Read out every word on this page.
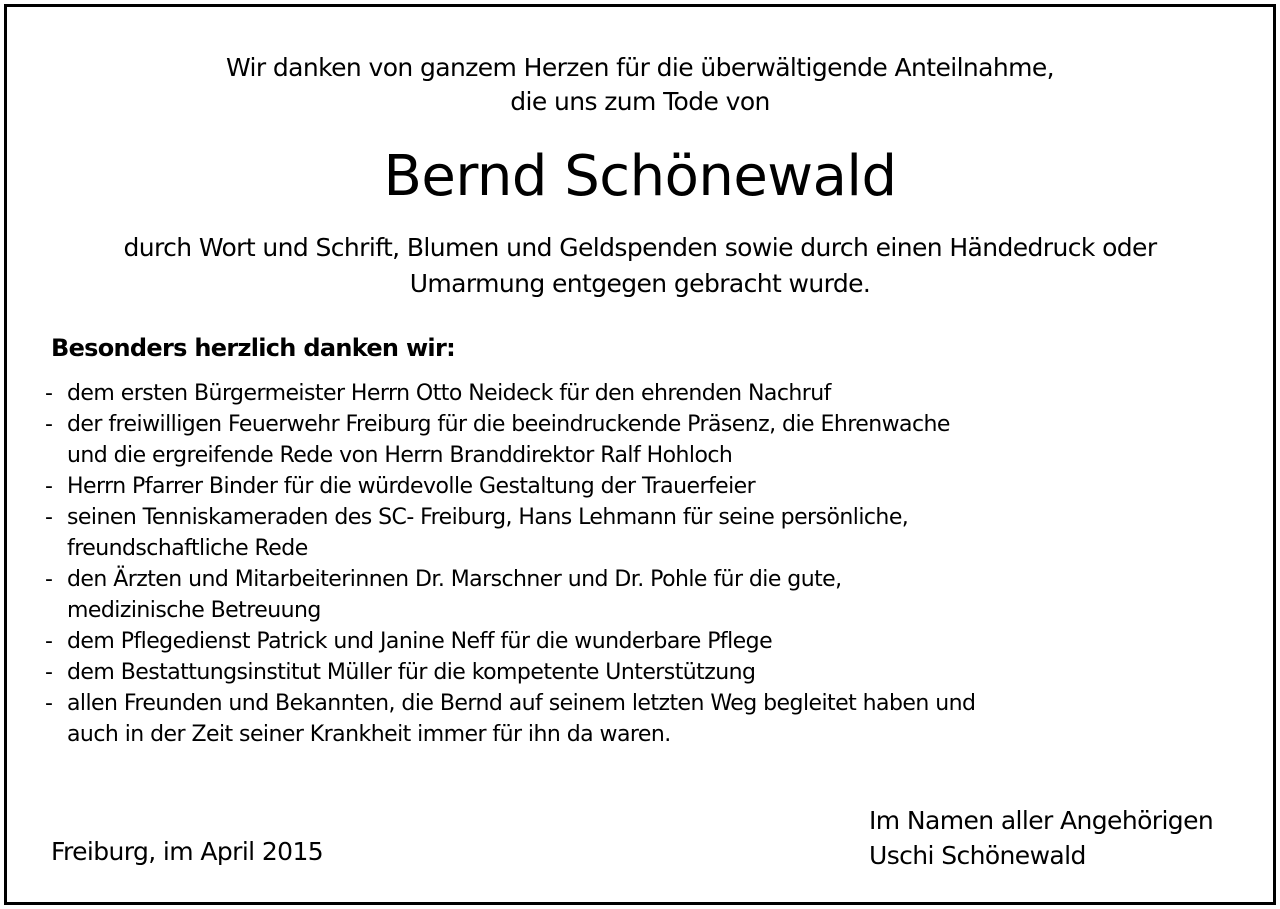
Wir danken von ganzem Herzen für die überwältigende Anteilnahme,
die uns zum Tode von
Bernd Schönewald
durch Wort und Schrift, Blumen und Geldspenden sowie durch einen Händedruck oder
Umarmung entgegen gebracht wurde.
Besonders herzlich danken wir:
- dem ersten Bürgermeister Herrn Otto Neideck für den ehrenden Nachruf
- der freiwilligen Feuerwehr Freiburg für die beeindruckende Präsenz, die Ehrenwache
und die ergreifende Rede von Herrn Branddirektor Ralf Hohloch
- Herrn Pfarrer Binder für die würdevolle Gestaltung der Trauerfeier
- seinen Tenniskameraden des SC- Freiburg, Hans Lehmann für seine persönliche,
freundschaftliche Rede
- den Ärzten und Mitarbeiterinnen Dr. Marschner und Dr. Pohle für die gute,
medizinische Betreuung
- dem Pflegedienst Patrick und Janine Neff für die wunderbare Pflege
- dem Bestattungsinstitut Müller für die kompetente Unterstützung
- allen Freunden und Bekannten, die Bernd auf seinem letzten Weg begleitet haben und
auch in der Zeit seiner Krankheit immer für ihn da waren.
Freiburg, im April 2015
Im Namen aller Angehörigen
Uschi Schönewald
